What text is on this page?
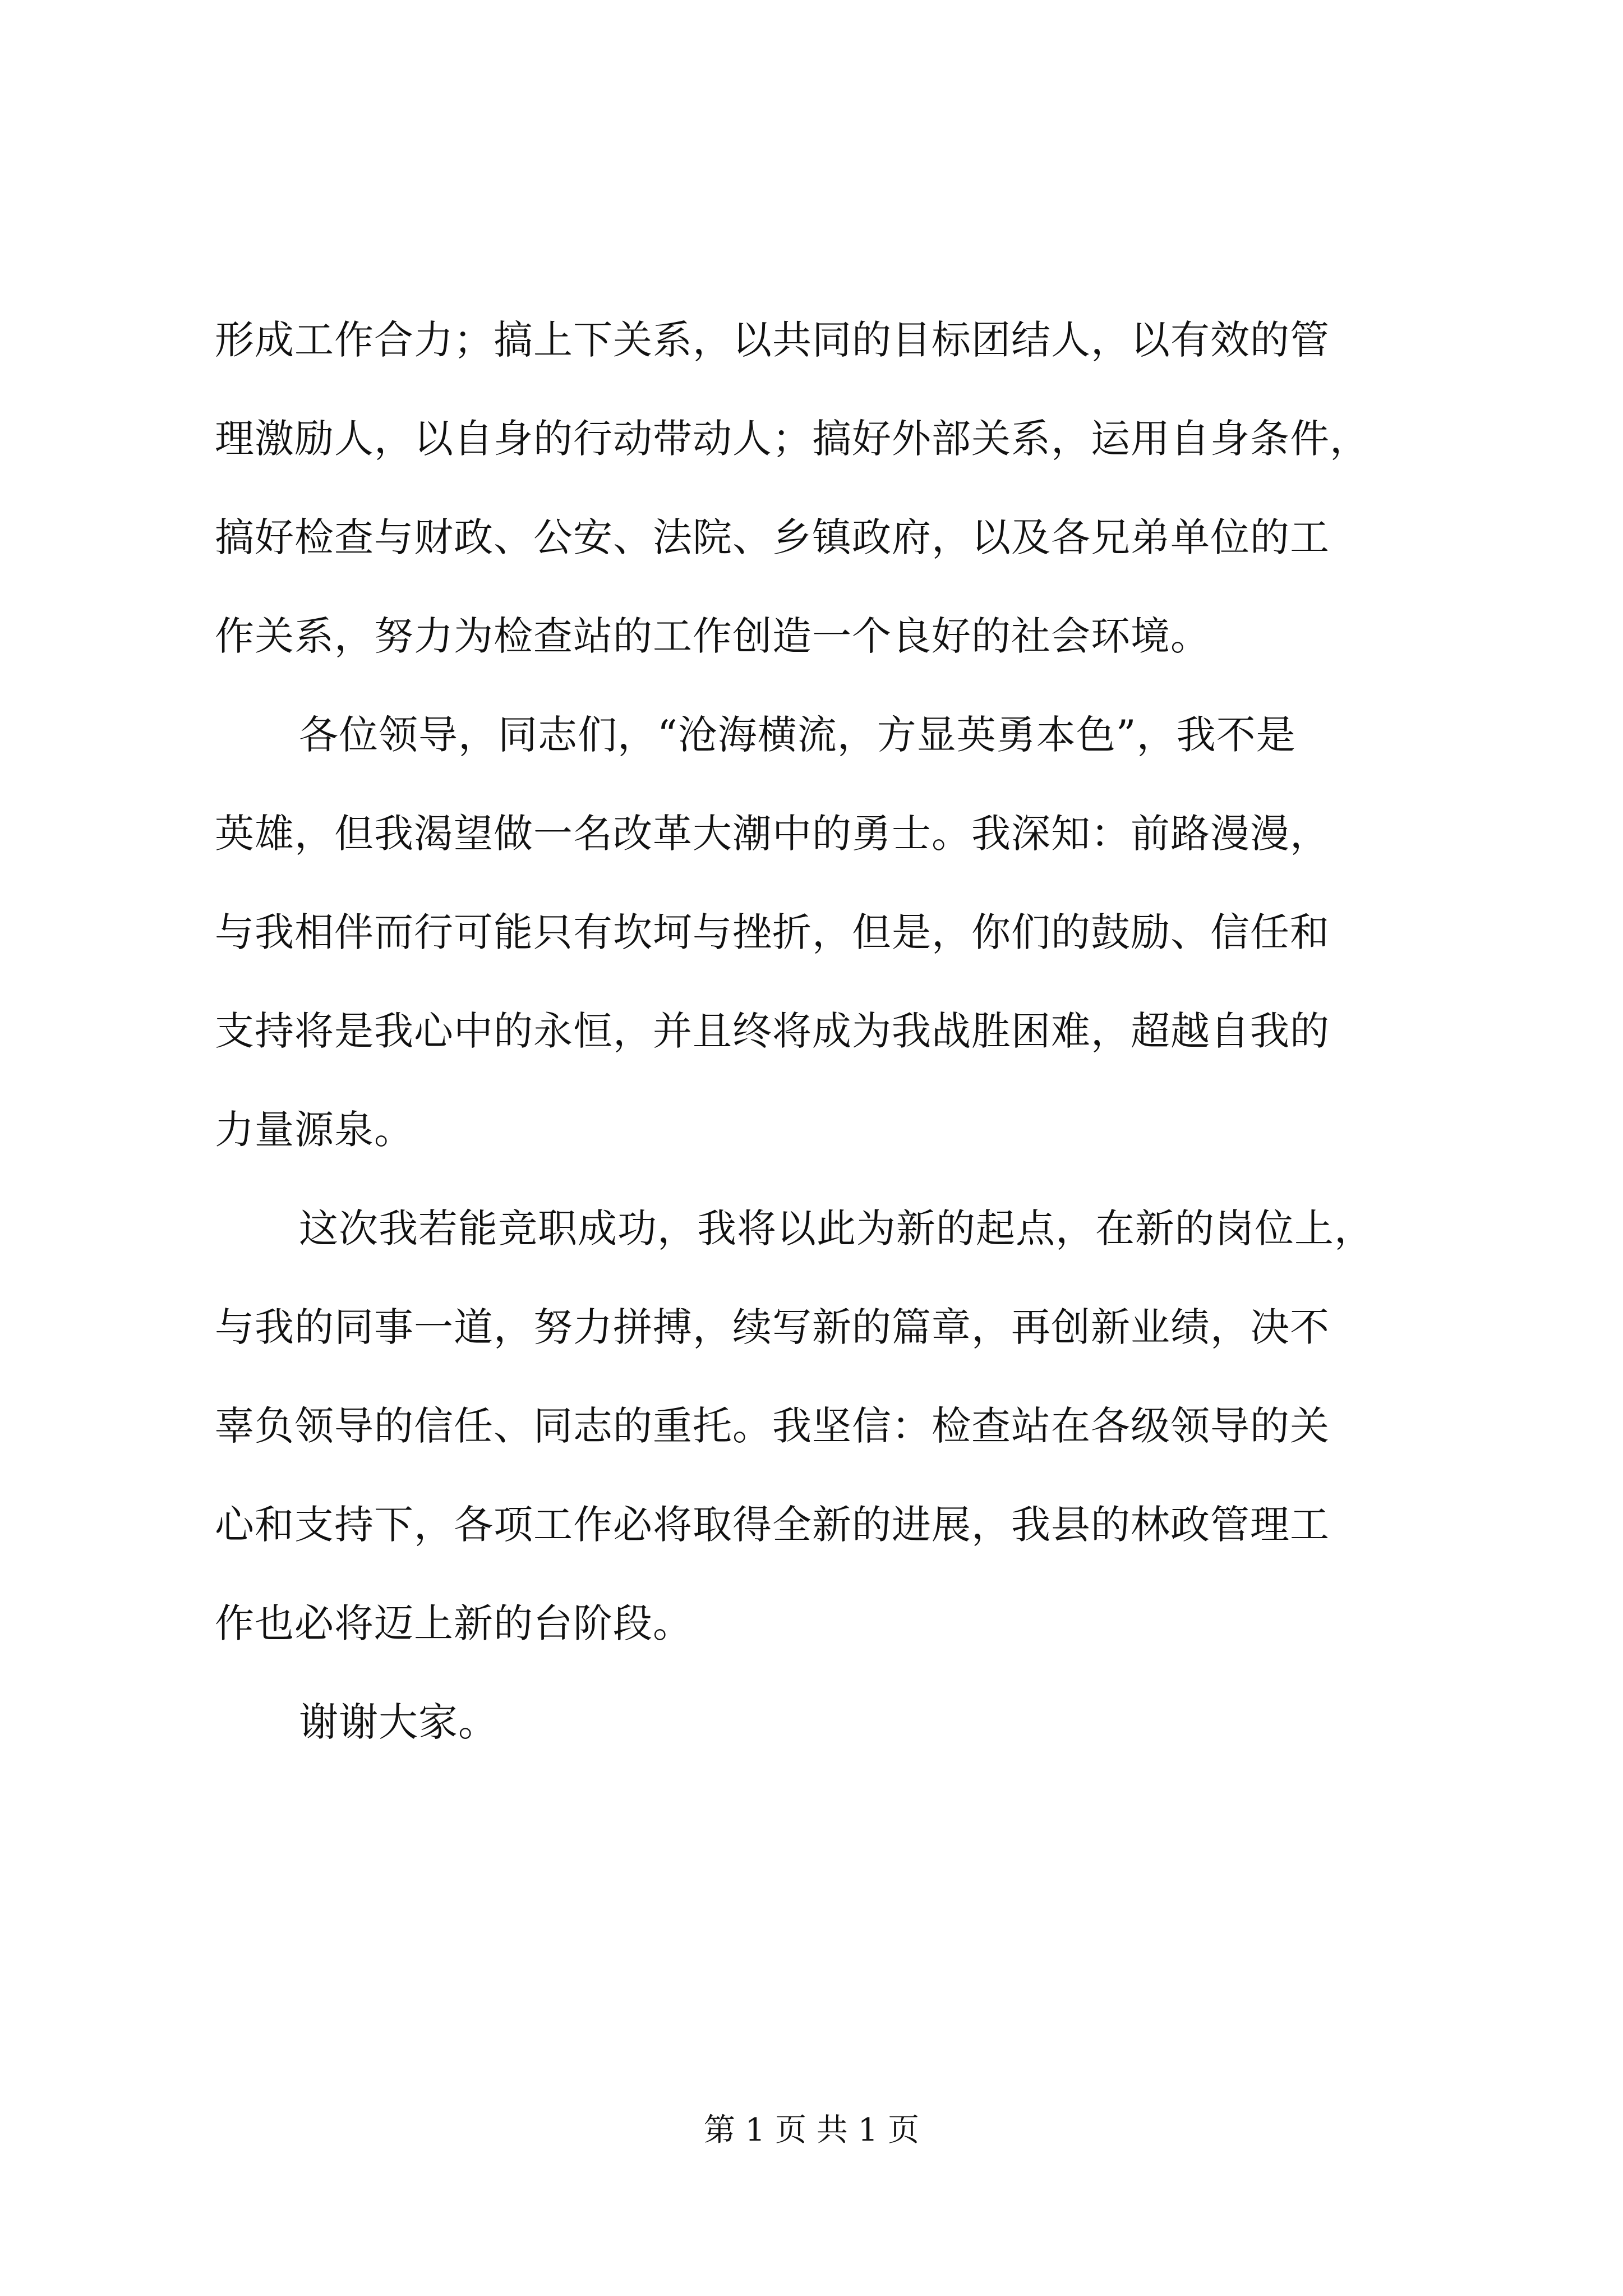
形成工作合力；搞上下关系，以共同的目标团结人，以有效的管
理激励人，以自身的行动带动人；搞好外部关系，运用自身条件，
搞好检查与财政、公安、法院、乡镇政府，以及各兄弟单位的工
作关系，努力为检查站的工作创造一个良好的社会环境。
各位领导，同志们，“沧海横流，方显英勇本色”，我不是
英雄，但我渴望做一名改革大潮中的勇士。我深知：前路漫漫，
与我相伴而行可能只有坎坷与挫折，但是，你们的鼓励、信任和
支持将是我心中的永恒，并且终将成为我战胜困难，超越自我的
力量源泉。
这次我若能竞职成功，我将以此为新的起点，在新的岗位上，
与我的同事一道，努力拼搏，续写新的篇章，再创新业绩，决不
辜负领导的信任、同志的重托。我坚信：检查站在各级领导的关
心和支持下，各项工作必将取得全新的进展，我县的林政管理工
作也必将迈上新的台阶段。
谢谢大家。
第 1 页 共 1 页
